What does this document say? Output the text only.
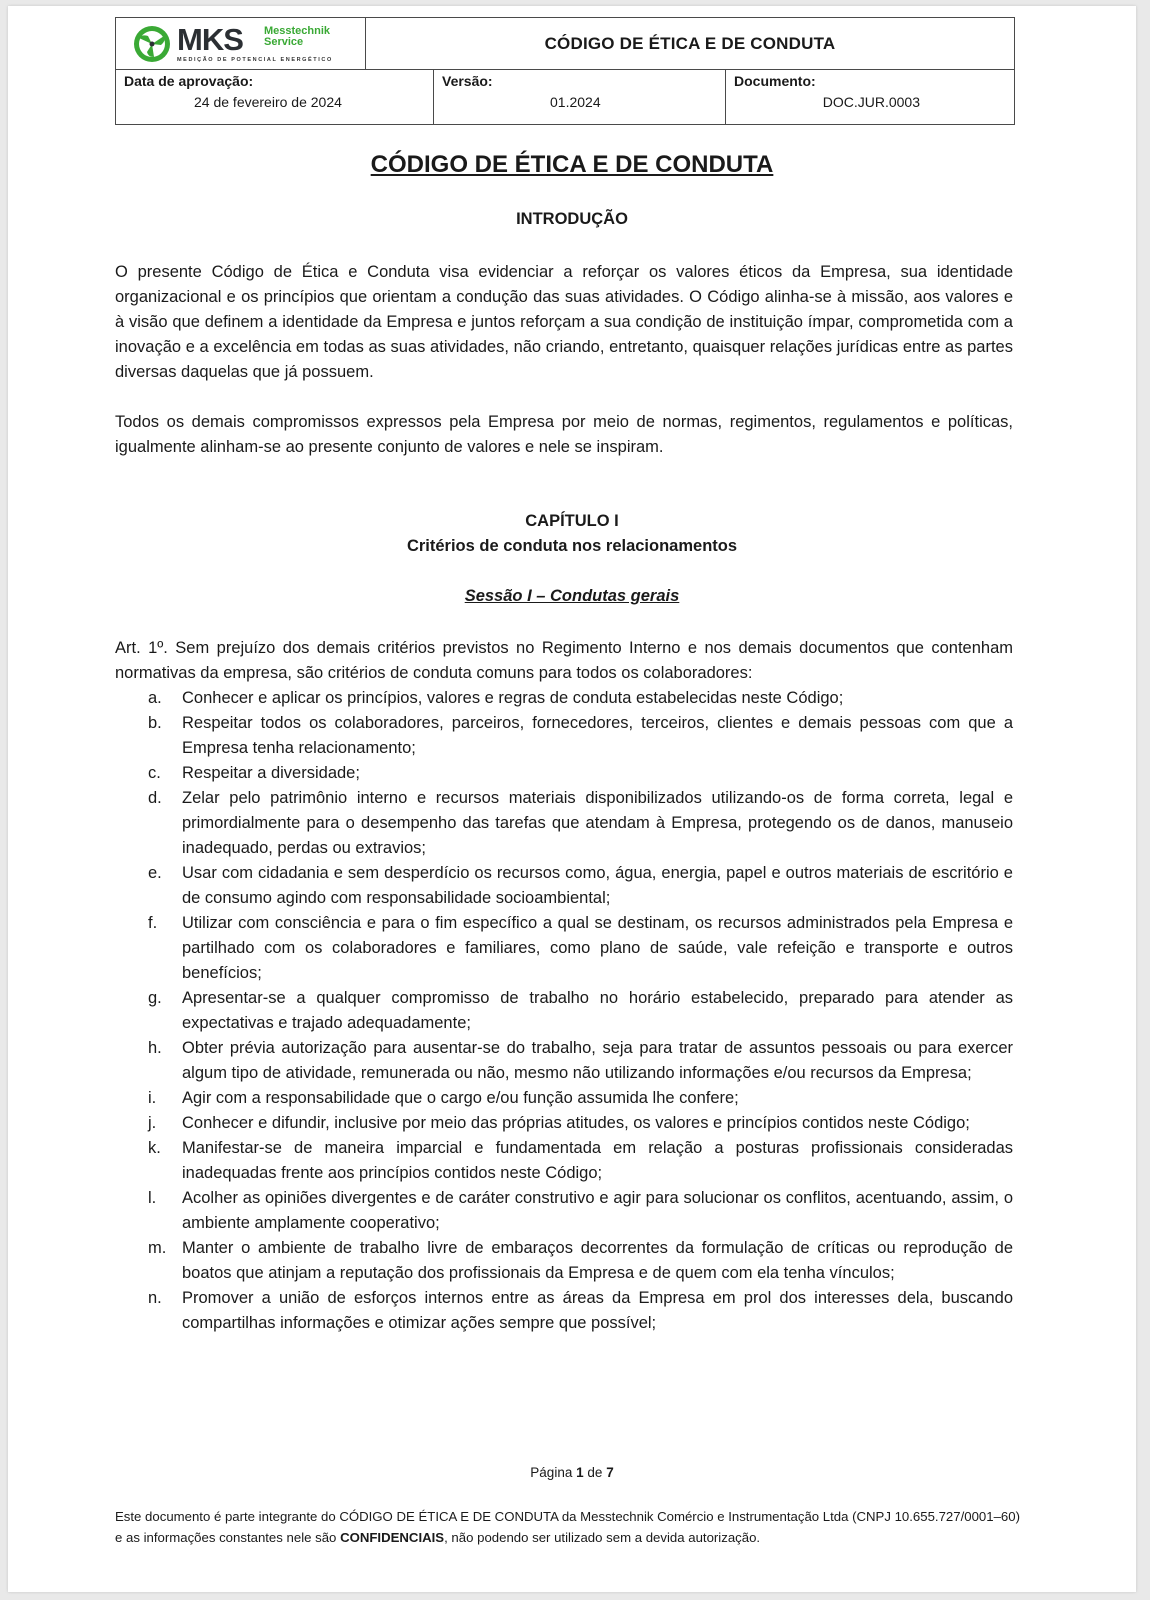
MKS Messtechnik
Service
MEDIÇÃO DE POTENCIAL ENERGÉTICO
CÓDIGO DE ÉTICA E DE CONDUTA
Data de aprovação:
24 de fevereiro de 2024
Versão:
01.2024
Documento:
DOC.JUR.0003
CÓDIGO DE ÉTICA E DE CONDUTA
INTRODUÇÃO

O presente Código de Ética e Conduta visa evidenciar a reforçar os valores éticos da Empresa, sua identidade organizacional e os princípios que orientam a condução das suas atividades. O Código alinha-se à missão, aos valores e à visão que definem a identidade da Empresa e juntos reforçam a sua condição de instituição ímpar, comprometida com a inovação e a excelência em todas as suas atividades, não criando, entretanto, quaisquer relações jurídicas entre as partes diversas daquelas que já possuem.

Todos os demais compromissos expressos pela Empresa por meio de normas, regimentos, regulamentos e políticas, igualmente alinham-se ao presente conjunto de valores e nele se inspiram.

CAPÍTULO I
Critérios de conduta nos relacionamentos
Sessão I – Condutas gerais

Art. 1º. Sem prejuízo dos demais critérios previstos no Regimento Interno e nos demais documentos que contenham normativas da empresa, são critérios de conduta comuns para todos os colaboradores:

a. Conhecer e aplicar os princípios, valores e regras de conduta estabelecidas neste Código;
b. Respeitar todos os colaboradores, parceiros, fornecedores, terceiros, clientes e demais pessoas com que a Empresa tenha relacionamento;
c. Respeitar a diversidade;
d. Zelar pelo patrimônio interno e recursos materiais disponibilizados utilizando-os de forma correta, legal e primordialmente para o desempenho das tarefas que atendam à Empresa, protegendo os de danos, manuseio inadequado, perdas ou extravios;
e. Usar com cidadania e sem desperdício os recursos como, água, energia, papel e outros materiais de escritório e de consumo agindo com responsabilidade socioambiental;
f. Utilizar com consciência e para o fim específico a qual se destinam, os recursos administrados pela Empresa e partilhado com os colaboradores e familiares, como plano de saúde, vale refeição e transporte e outros benefícios;
g. Apresentar-se a qualquer compromisso de trabalho no horário estabelecido, preparado para atender as expectativas e trajado adequadamente;
h. Obter prévia autorização para ausentar-se do trabalho, seja para tratar de assuntos pessoais ou para exercer algum tipo de atividade, remunerada ou não, mesmo não utilizando informações e/ou recursos da Empresa;
i. Agir com a responsabilidade que o cargo e/ou função assumida lhe confere;
j. Conhecer e difundir, inclusive por meio das próprias atitudes, os valores e princípios contidos neste Código;
k. Manifestar-se de maneira imparcial e fundamentada em relação a posturas profissionais consideradas inadequadas frente aos princípios contidos neste Código;
l. Acolher as opiniões divergentes e de caráter construtivo e agir para solucionar os conflitos, acentuando, assim, o ambiente amplamente cooperativo;
m. Manter o ambiente de trabalho livre de embaraços decorrentes da formulação de críticas ou reprodução de boatos que atinjam a reputação dos profissionais da Empresa e de quem com ela tenha vínculos;
n. Promover a união de esforços internos entre as áreas da Empresa em prol dos interesses dela, buscando compartilhas informações e otimizar ações sempre que possível;
Página 1 de 7

Este documento é parte integrante do CÓDIGO DE ÉTICA E DE CONDUTA da Messtechnik Comércio e Instrumentação Ltda (CNPJ 10.655.727/0001–60) e as informações constantes nele são CONFIDENCIAIS, não podendo ser utilizado sem a devida autorização.
